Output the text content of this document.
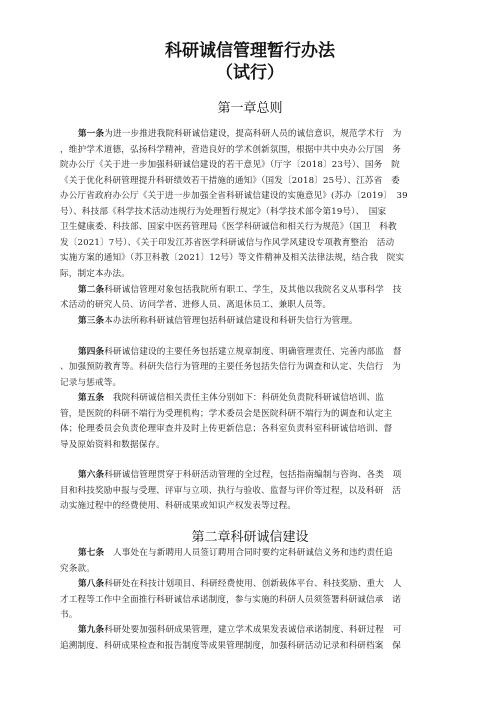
科研诚信管理暂行办法
（试行）
第一章总则
第二章科研诚信建设
第一条为进一步推进我院科研诚信建设，提高科研人员的诚信意识，规范学术行　为
，维护学术道德，弘扬科学精神，营造良好的学术创新氛围，根据中共中央办公厅国　务
院办公厅《关于进一步加强科研诚信建设的若干意见》（厅字〔2018〕23号）、国务　院
《关于优化科研管理提升科研绩效若干措施的通知》（国发〔2018〕25号）、江苏省　委
办公厅省政府办公厅《关于进一步加强全省科研诚信建设的实施意见》(苏办〔2019〕　39
号）、科技部《科学技术活动违规行为处理暂行规定》（科学技术部令第19号）、　国家
卫生健康委、科技部、国家中医药管理局《医学科研诚信和相关行为规范》（国卫　科教
发〔2021〕7号）、《关于印发江苏省医学科研诚信与作风学风建设专项教育整治　活动
实施方案的通知》（苏卫科教〔2021〕12号）等文件精神及相关法律法规，结合我　院实
际，制定本办法。
第二条科研诚信管理对象包括我院所有职工、学生，及其他以我院名义从事科学　技
术活动的研究人员、访问学者、进修人员、离退休员工、兼职人员等。
第三条本办法所称科研诚信管理包括科研诚信建设和科研失信行为管理。
第四条科研诚信建设的主要任务包括建立规章制度、明确管理责任、完善内部监　督
、加强预防教育等。科研失信行为管理的主要任务包括失信行为调查和认定、失信行　为
记录与惩戒等。
第五条　我院科研诚信相关责任主体分别如下：科研处负责院科研诚信培训、监
管，是医院的科研不端行为受理机构；学术委员会是医院科研不端行为的调查和认定主
体；伦理委员会负责伦理审查并及时上传更新信息；各科室负责科室科研诚信培训、督
导及原始资料和数据保存。
第六条科研诚信管理贯穿于科研活动管理的全过程，包括指南编制与咨询、各类　项
目和科技奖励申报与受理、评审与立项、执行与验收、监督与评价等过程，以及科研　活
动实施过程中的经费使用、科研成果或知识产权发表等过程。
第七条　人事处在与新聘用人员签订聘用合同时要约定科研诚信义务和违约责任追
究条款。
第八条科研处在科技计划项目、科研经费使用、创新载体平台、科技奖励、重大　人
才工程等工作中全面推行科研诚信承诺制度，参与实施的科研人员须签署科研诚信承　诺
书。
第九条科研处要加强科研成果管理，建立学术成果发表诚信承诺制度、科研过程　可
追溯制度、科研成果检查和报告制度等成果管理制度，加强科研活动记录和科研档案　保
